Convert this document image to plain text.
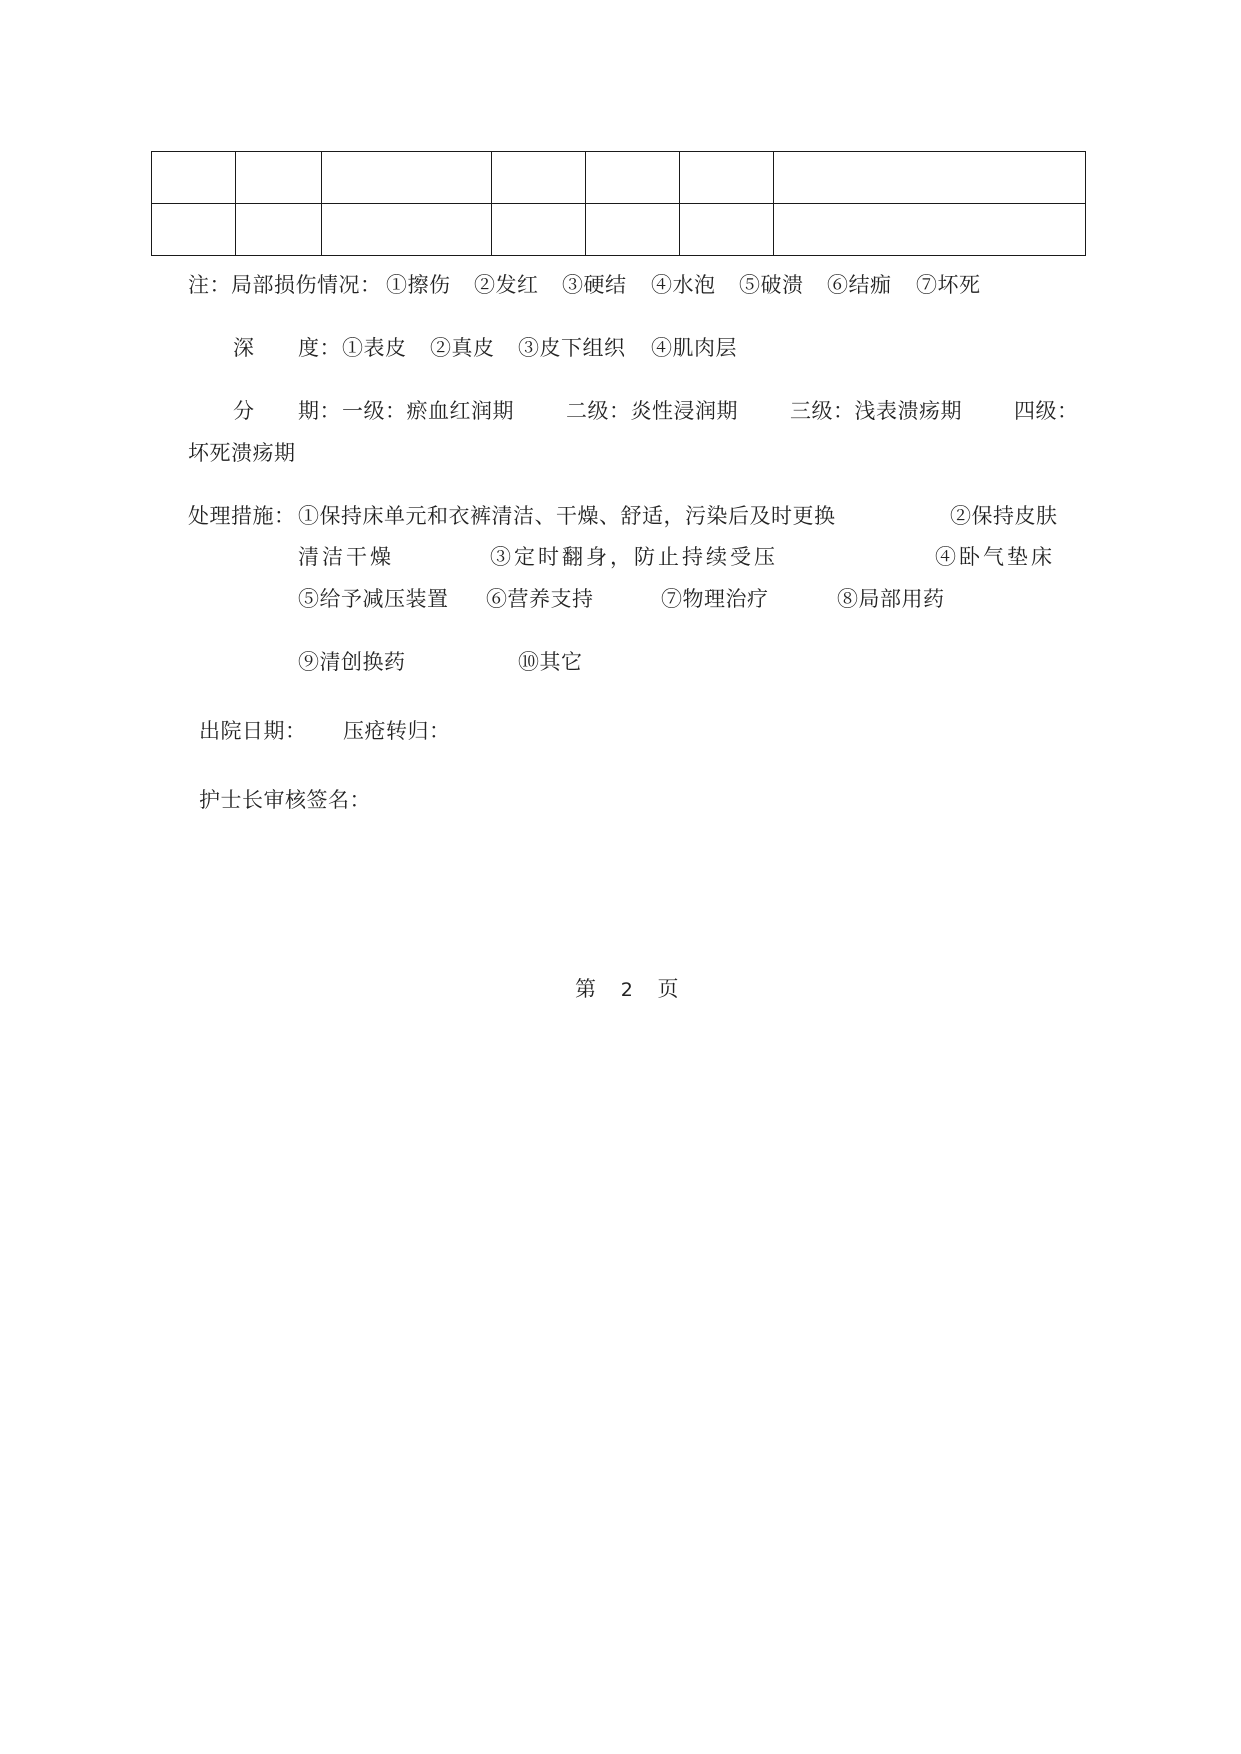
注：局部损伤情况： ①擦伤 ②发红 ③硬结 ④水泡 ⑤破溃 ⑥结痂 ⑦坏死
深 度： ①表皮 ②真皮 ③皮下组织 ④肌肉层
分 期： 一级：瘀血红润期 二级：炎性浸润期 三级：浅表溃疡期 四级：
坏死溃疡期
处理措施： ①保持床单元和衣裤清洁、干燥、舒适，污染后及时更换	②保持皮肤
清洁干燥	③定时翻身，防止持续受压	④卧气垫床
⑤给予减压装置 ⑥营养支持	⑦物理治疗	⑧局部用药
⑨清创换药	⑩其它
出院日期： 压疮转归：
护士长审核签名：
第 2 页
